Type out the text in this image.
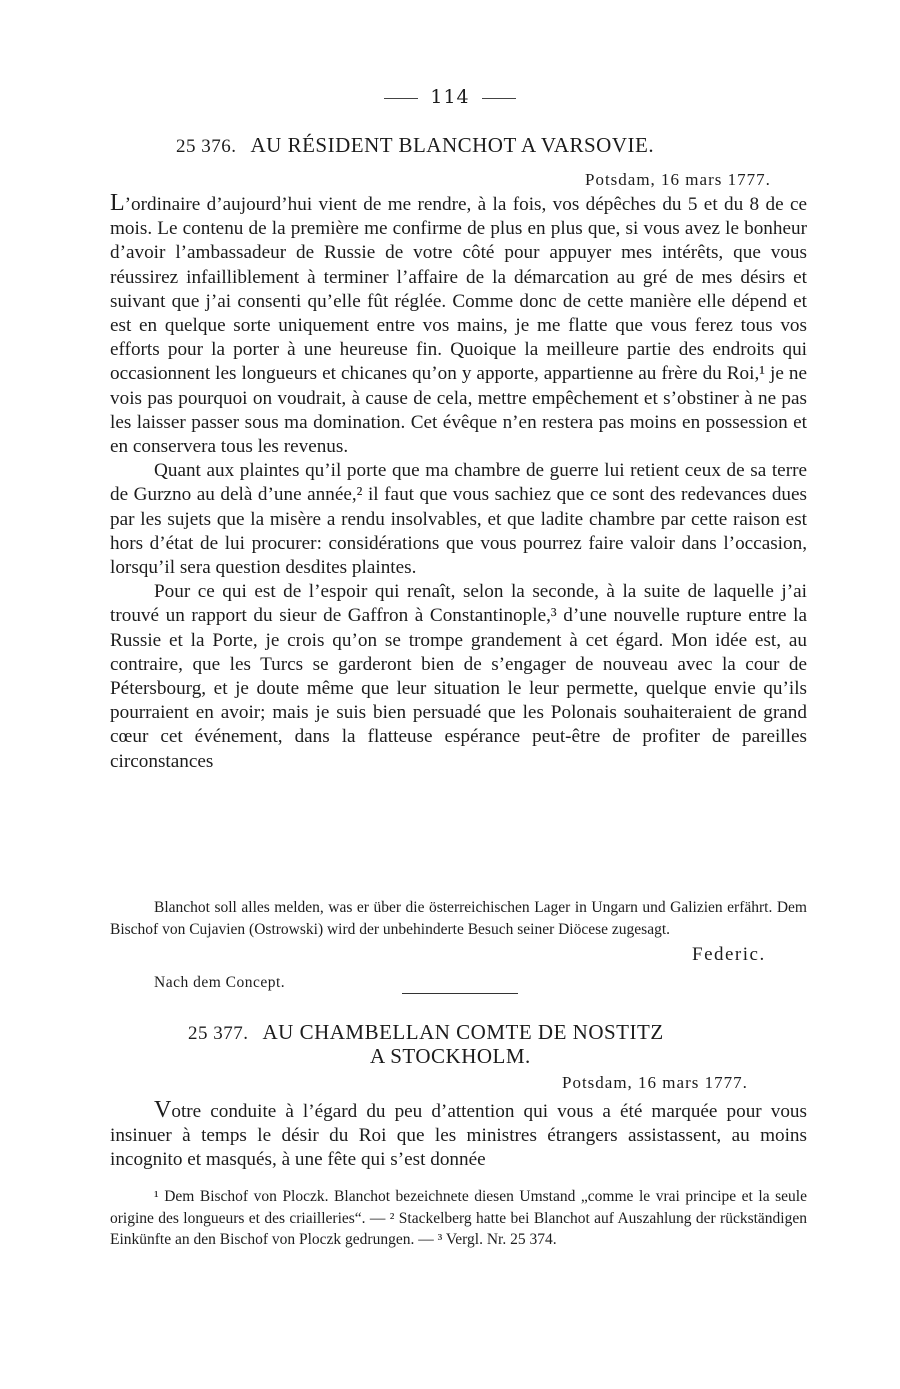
114
25 376. AU RÉSIDENT BLANCHOT A VARSOVIE.
Potsdam, 16 mars 1777.

L’ordinaire d’aujourd’hui vient de me rendre, à la fois, vos dépêches du 5 et du 8 de ce mois. Le contenu de la première me confirme de plus en plus que, si vous avez le bonheur d’avoir l’ambassadeur de Russie de votre côté pour appuyer mes intérêts, que vous réussirez infailliblement à terminer l’affaire de la démarcation au gré de mes désirs et suivant que j’ai consenti qu’elle fût réglée. Comme donc de cette manière elle dépend et est en quelque sorte uniquement entre vos mains, je me flatte que vous ferez tous vos efforts pour la porter à une heureuse fin. Quoique la meilleure partie des endroits qui occasionnent les longueurs et chicanes qu’on y apporte, appartienne au frère du Roi,¹ je ne vois pas pourquoi on voudrait, à cause de cela, mettre empêchement et s’obstiner à ne pas les laisser passer sous ma domination. Cet évêque n’en restera pas moins en possession et en conservera tous les revenus.

Quant aux plaintes qu’il porte que ma chambre de guerre lui retient ceux de sa terre de Gurzno au delà d’une année,² il faut que vous sachiez que ce sont des redevances dues par les sujets que la misère a rendu insolvables, et que ladite chambre par cette raison est hors d’état de lui procurer: considérations que vous pourrez faire valoir dans l’occasion, lorsqu’il sera question desdites plaintes.

Pour ce qui est de l’espoir qui renaît, selon la seconde, à la suite de laquelle j’ai trouvé un rapport du sieur de Gaffron à Constantinople,³ d’une nouvelle rupture entre la Russie et la Porte, je crois qu’on se trompe grandement à cet égard. Mon idée est, au contraire, que les Turcs se garderont bien de s’engager de nouveau avec la cour de Pétersbourg, et je doute même que leur situation le leur permette, quelque envie qu’ils pourraient en avoir; mais je suis bien persuadé que les Polonais souhaiteraient de grand cœur cet événement, dans la flatteuse espérance peut-être de profiter de pareilles circonstances

Blanchot soll alles melden, was er über die österreichischen Lager in Ungarn und Galizien erfährt. Dem Bischof von Cujavien (Ostrowski) wird der unbehinderte Besuch seiner Diöcese zugesagt.
Federic.
Nach dem Concept.
25 377. AU CHAMBELLAN COMTE DE NOSTITZ
A STOCKHOLM.
Potsdam, 16 mars 1777.

Votre conduite à l’égard du peu d’attention qui vous a été marquée pour vous insinuer à temps le désir du Roi que les ministres étrangers assistassent, au moins incognito et masqués, à une fête qui s’est donnée

¹ Dem Bischof von Ploczk. Blanchot bezeichnete diesen Umstand „comme le vrai principe et la seule origine des longueurs et des criailleries“. — ² Stackelberg hatte bei Blanchot auf Auszahlung der rückständigen Einkünfte an den Bischof von Ploczk gedrungen. — ³ Vergl. Nr. 25 374.
